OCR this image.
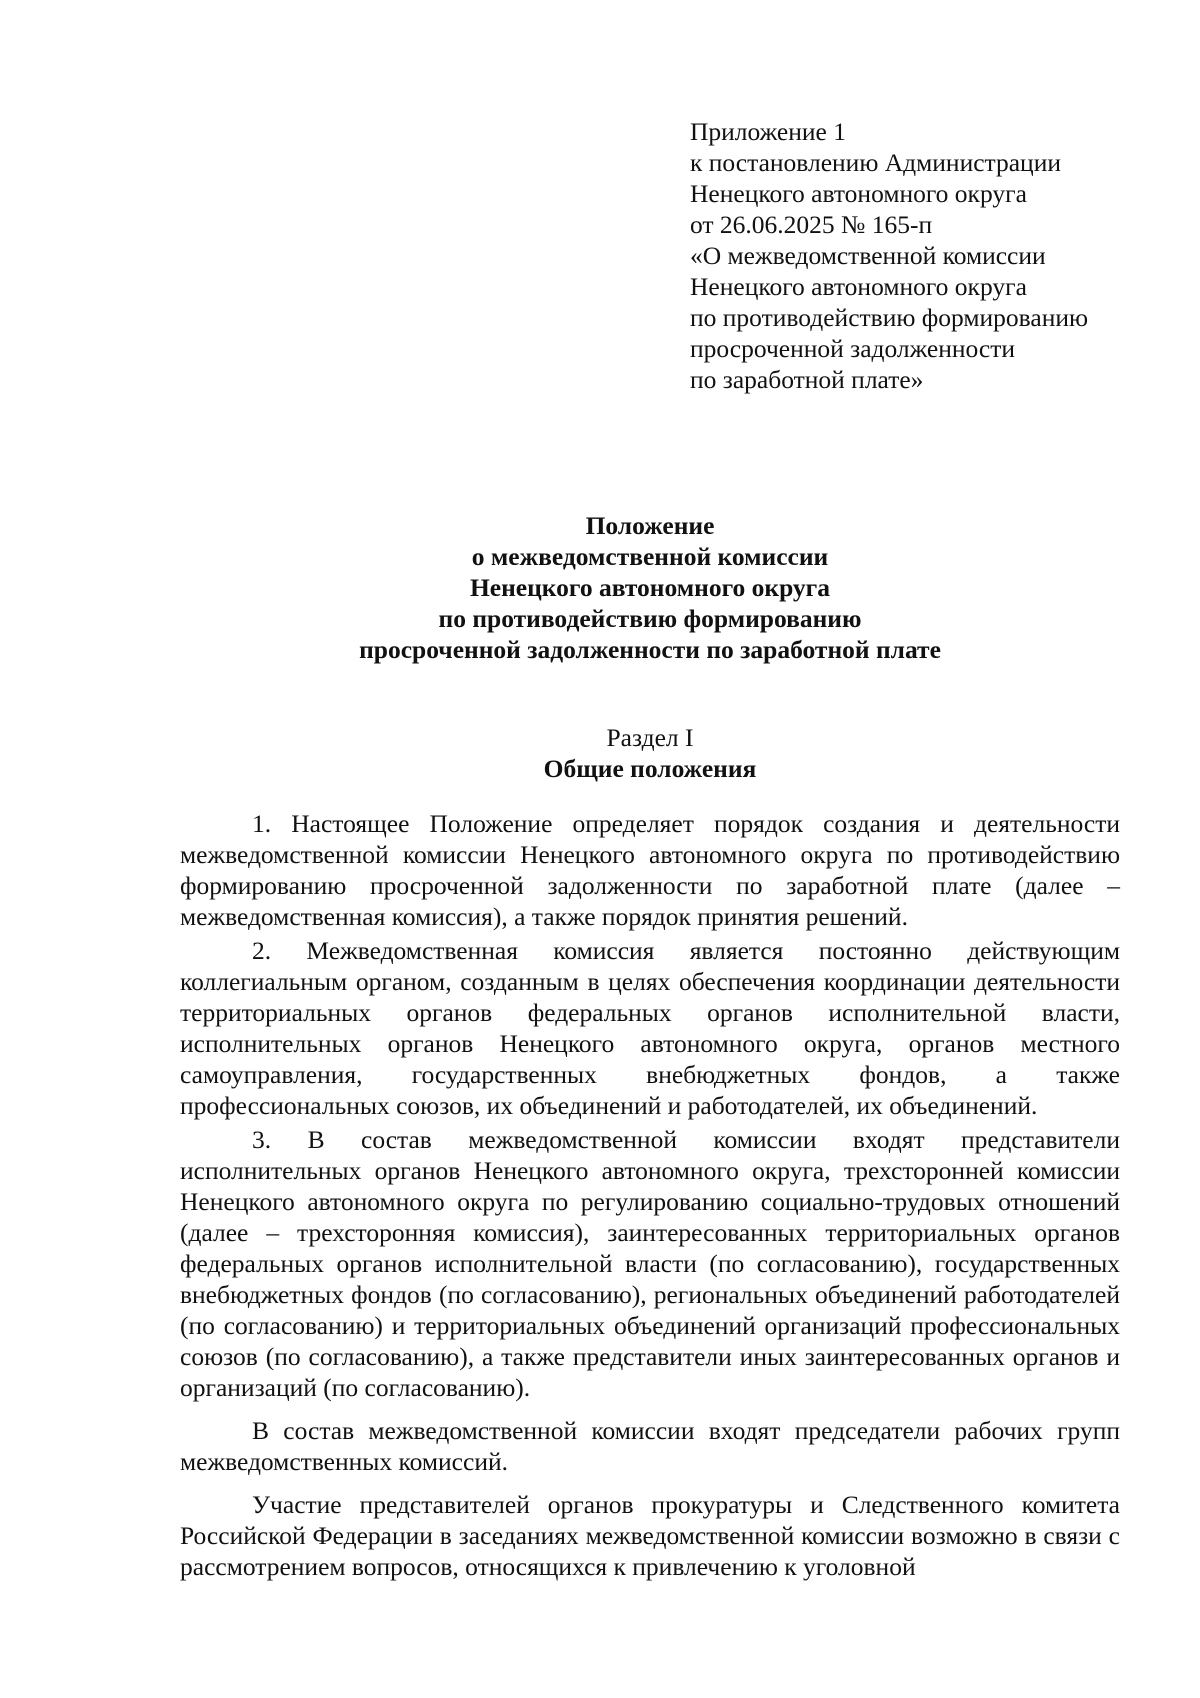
Приложение 1
к постановлению Администрации
Ненецкого автономного округа
от 26.06.2025 № 165-п
«О межведомственной комиссии
Ненецкого автономного округа
по противодействию формированию
просроченной задолженности
по заработной плате»
Положение
о межведомственной комиссии
Ненецкого автономного округа
по противодействию формированию
просроченной задолженности по заработной плате
Раздел I
Общие положения

1. Настоящее Положение определяет порядок создания и деятельности межведомственной комиссии Ненецкого автономного округа по противодействию формированию просроченной задолженности по заработной плате (далее – межведомственная комиссия), а также порядок принятия решений.

2. Межведомственная комиссия является постоянно действующим коллегиальным органом, созданным в целях обеспечения координации деятельности территориальных органов федеральных органов исполнительной власти, исполнительных органов Ненецкого автономного округа, органов местного самоуправления, государственных внебюджетных фондов, а также профессиональных союзов, их объединений и работодателей, их объединений.

3. В состав межведомственной комиссии входят представители исполнительных органов Ненецкого автономного округа, трехсторонней комиссии Ненецкого автономного округа по регулированию социально-трудовых отношений (далее – трехсторонняя комиссия), заинтересованных территориальных органов федеральных органов исполнительной власти (по согласованию), государственных внебюджетных фондов (по согласованию), региональных объединений работодателей (по согласованию) и территориальных объединений организаций профессиональных союзов (по согласованию), а также представители иных заинтересованных органов и организаций (по согласованию).

В состав межведомственной комиссии входят председатели рабочих групп межведомственных комиссий.

Участие представителей органов прокуратуры и Следственного комитета Российской Федерации в заседаниях межведомственной комиссии возможно в связи с рассмотрением вопросов, относящихся к привлечению к уголовной
